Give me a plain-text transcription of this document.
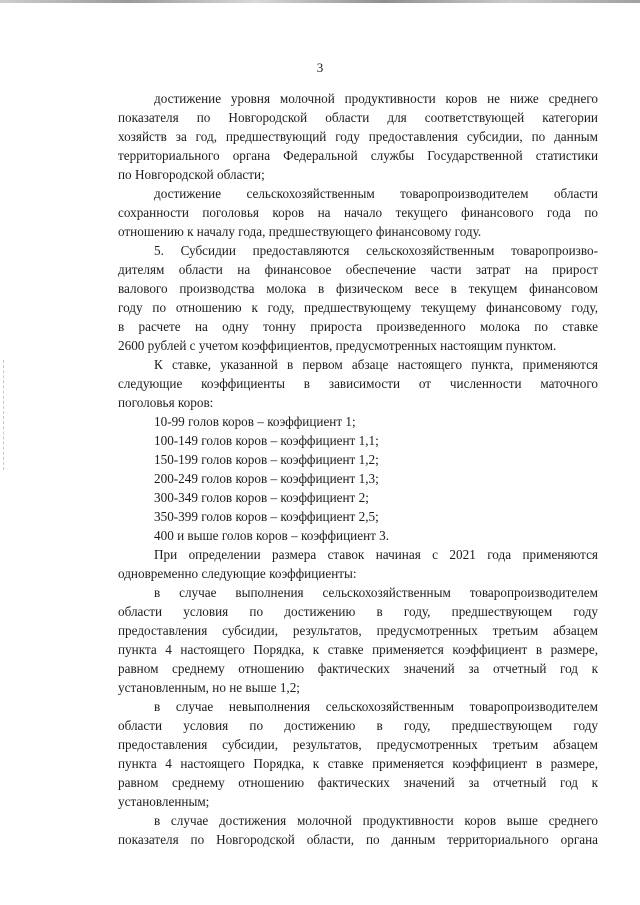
3
достижение уровня молочной продуктивности коров не ниже среднего
показателя по Новгородской области для соответствующей категории
хозяйств за год, предшествующий году предоставления субсидии, по данным
территориального органа Федеральной службы Государственной статистики
по Новгородской области;
достижение сельскохозяйственным товаропроизводителем области
сохранности поголовья коров на начало текущего финансового года по
отношению к началу года, предшествующего финансовому году.
5. Субсидии предоставляются сельскохозяйственным товаропроизво-
дителям области на финансовое обеспечение части затрат на прирост
валового производства молока в физическом весе в текущем финансовом
году по отношению к году, предшествующему текущему финансовому году,
в расчете на одну тонну прироста произведенного молока по ставке
2600 рублей с учетом коэффициентов, предусмотренных настоящим пунктом.
К ставке, указанной в первом абзаце настоящего пункта, применяются
следующие коэффициенты в зависимости от численности маточного
поголовья коров:
10-99 голов коров – коэффициент 1;
100-149 голов коров – коэффициент 1,1;
150-199 голов коров – коэффициент 1,2;
200-249 голов коров – коэффициент 1,3;
300-349 голов коров – коэффициент 2;
350-399 голов коров – коэффициент 2,5;
400 и выше голов коров – коэффициент 3.
При определении размера ставок начиная с 2021 года применяются
одновременно следующие коэффициенты:
в случае выполнения сельскохозяйственным товаропроизводителем
области условия по достижению в году, предшествующем году
предоставления субсидии, результатов, предусмотренных третьим абзацем
пункта 4 настоящего Порядка, к ставке применяется коэффициент в размере,
равном среднему отношению фактических значений за отчетный год к
установленным, но не выше 1,2;
в случае невыполнения сельскохозяйственным товаропроизводителем
области условия по достижению в году, предшествующем году
предоставления субсидии, результатов, предусмотренных третьим абзацем
пункта 4 настоящего Порядка, к ставке применяется коэффициент в размере,
равном среднему отношению фактических значений за отчетный год к
установленным;
в случае достижения молочной продуктивности коров выше среднего
показателя по Новгородской области, по данным территориального органа
